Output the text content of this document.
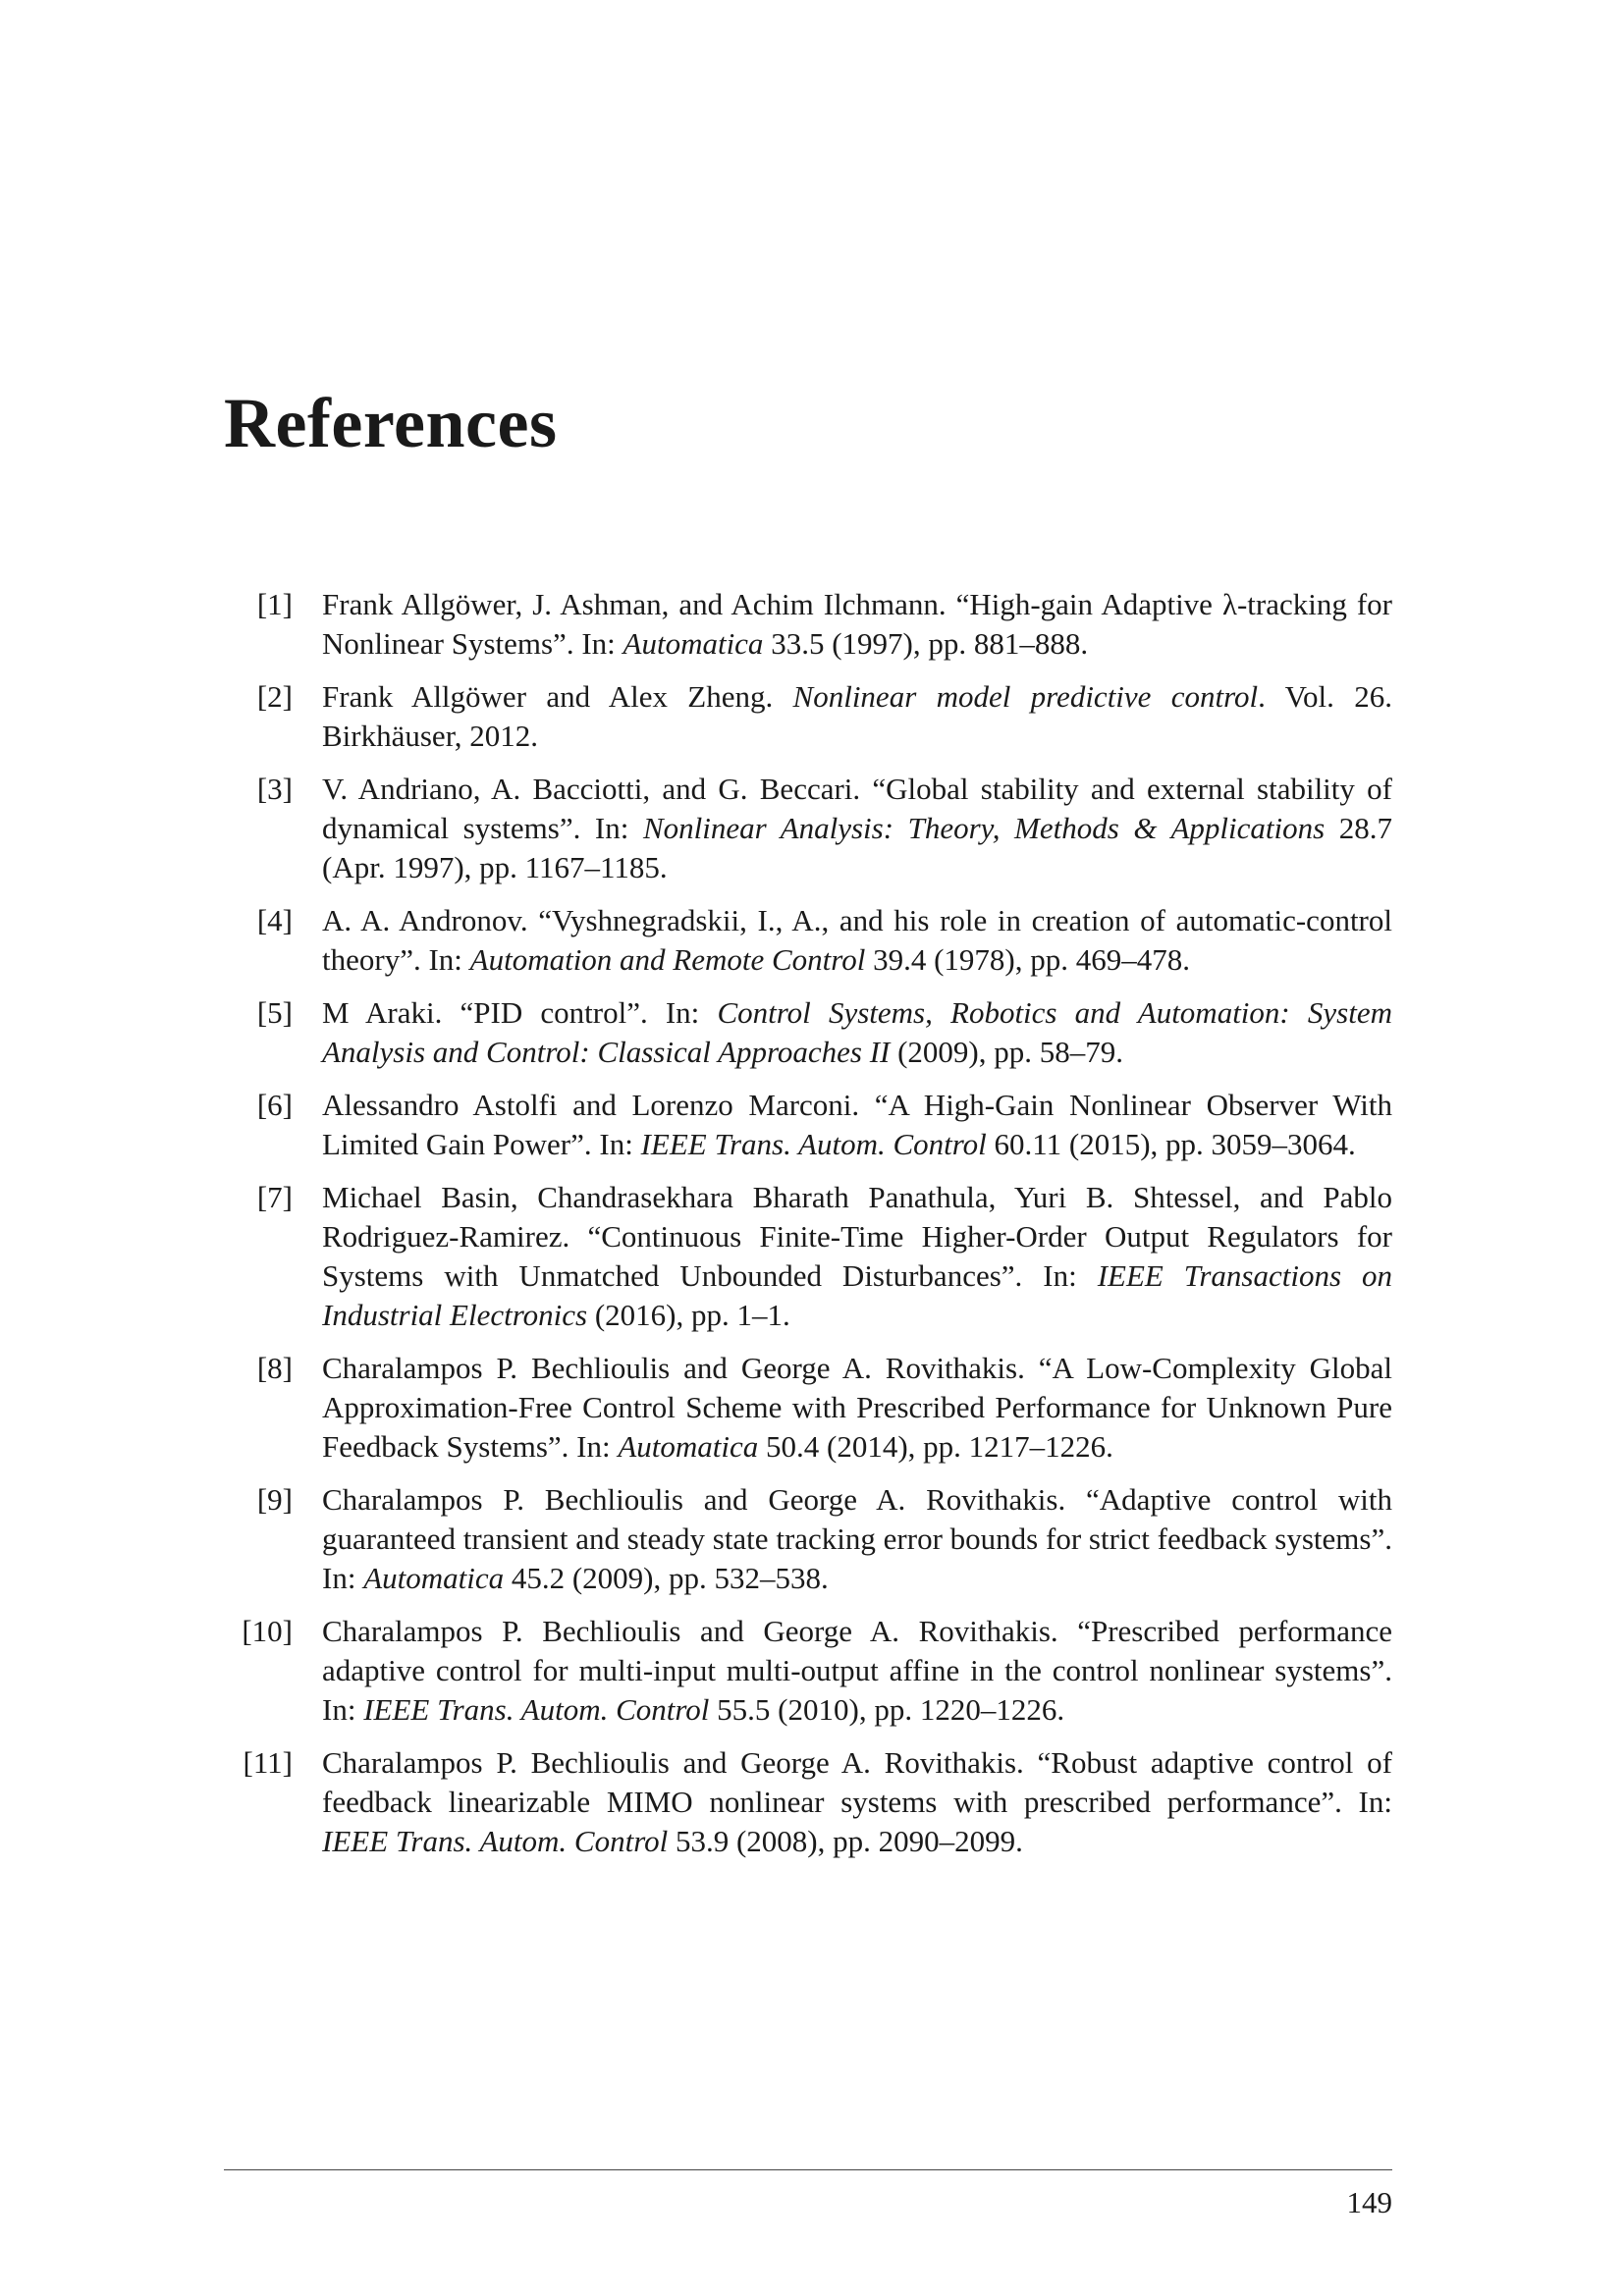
References
[1] Frank Allgöwer, J. Ashman, and Achim Ilchmann. “High-gain Adaptive λ-tracking for Nonlinear Systems”. In: Automatica 33.5 (1997), pp. 881–888.
[2] Frank Allgöwer and Alex Zheng. Nonlinear model predictive control. Vol. 26. Birkhäuser, 2012.
[3] V. Andriano, A. Bacciotti, and G. Beccari. “Global stability and external stability of dynamical systems”. In: Nonlinear Analysis: Theory, Methods & Applications 28.7 (Apr. 1997), pp. 1167–1185.
[4] A. A. Andronov. “Vyshnegradskii, I., A., and his role in creation of automatic-control theory”. In: Automation and Remote Control 39.4 (1978), pp. 469–478.
[5] M Araki. “PID control”. In: Control Systems, Robotics and Automation: System Analysis and Control: Classical Approaches II (2009), pp. 58–79.
[6] Alessandro Astolfi and Lorenzo Marconi. “A High-Gain Nonlinear Observer With Limited Gain Power”. In: IEEE Trans. Autom. Control 60.11 (2015), pp. 3059–3064.
[7] Michael Basin, Chandrasekhara Bharath Panathula, Yuri B. Shtessel, and Pablo Rodriguez-Ramirez. “Continuous Finite-Time Higher-Order Output Regulators for Systems with Unmatched Unbounded Disturbances”. In: IEEE Transactions on Industrial Electronics (2016), pp. 1–1.
[8] Charalampos P. Bechlioulis and George A. Rovithakis. “A Low-Complexity Global Approximation-Free Control Scheme with Prescribed Performance for Unknown Pure Feedback Systems”. In: Automatica 50.4 (2014), pp. 1217–1226.
[9] Charalampos P. Bechlioulis and George A. Rovithakis. “Adaptive control with guaranteed transient and steady state tracking error bounds for strict feedback systems”. In: Automatica 45.2 (2009), pp. 532–538.
[10] Charalampos P. Bechlioulis and George A. Rovithakis. “Prescribed performance adaptive control for multi-input multi-output affine in the control nonlinear systems”. In: IEEE Trans. Autom. Control 55.5 (2010), pp. 1220–1226.
[11] Charalampos P. Bechlioulis and George A. Rovithakis. “Robust adaptive control of feedback linearizable MIMO nonlinear systems with prescribed performance”. In: IEEE Trans. Autom. Control 53.9 (2008), pp. 2090–2099.
149
